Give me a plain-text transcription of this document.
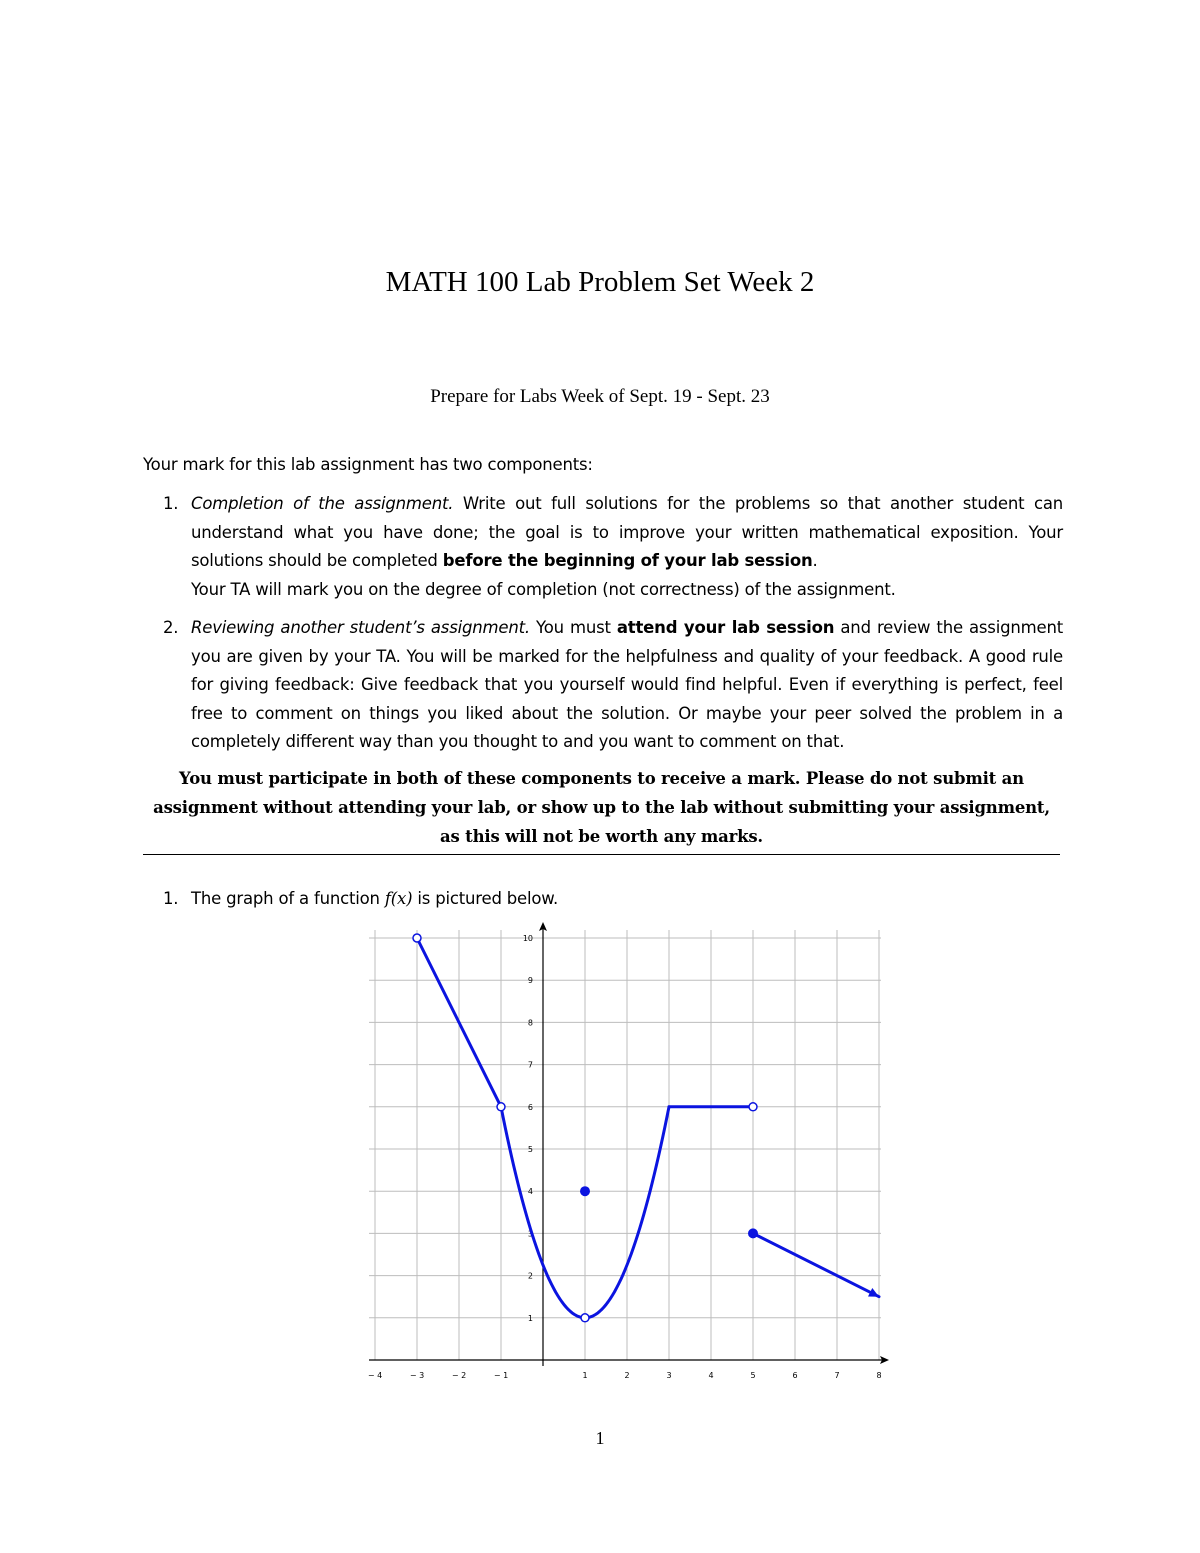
MATH 100 Lab Problem Set Week 2
Prepare for Labs Week of Sept. 19 - Sept. 23
Your mark for this lab assignment has two components:
1. Completion of the assignment. Write out full solutions for the problems so that another student can understand what you have done; the goal is to improve your written mathematical exposition. Your solutions should be completed before the beginning of your lab session.
Your TA will mark you on the degree of completion (not correctness) of the assignment.
2. Reviewing another student’s assignment. You must attend your lab session and review the assignment you are given by your TA. You will be marked for the helpfulness and quality of your feedback. A good rule for giving feedback: Give feedback that you yourself would find helpful. Even if everything is perfect, feel free to comment on things you liked about the solution. Or maybe your peer solved the problem in a completely different way than you thought to and you want to comment on that.
You must participate in both of these components to receive a mark. Please do not submit an assignment without attending your lab, or show up to the lab without submitting your assignment, as this will not be worth any marks.
1. The graph of a function f(x) is pictured below.
− 4	− 3	− 2	− 1	1	2	3	4	5	6	7	8
1
2
3
4
5
6
7
8
9
10
1
